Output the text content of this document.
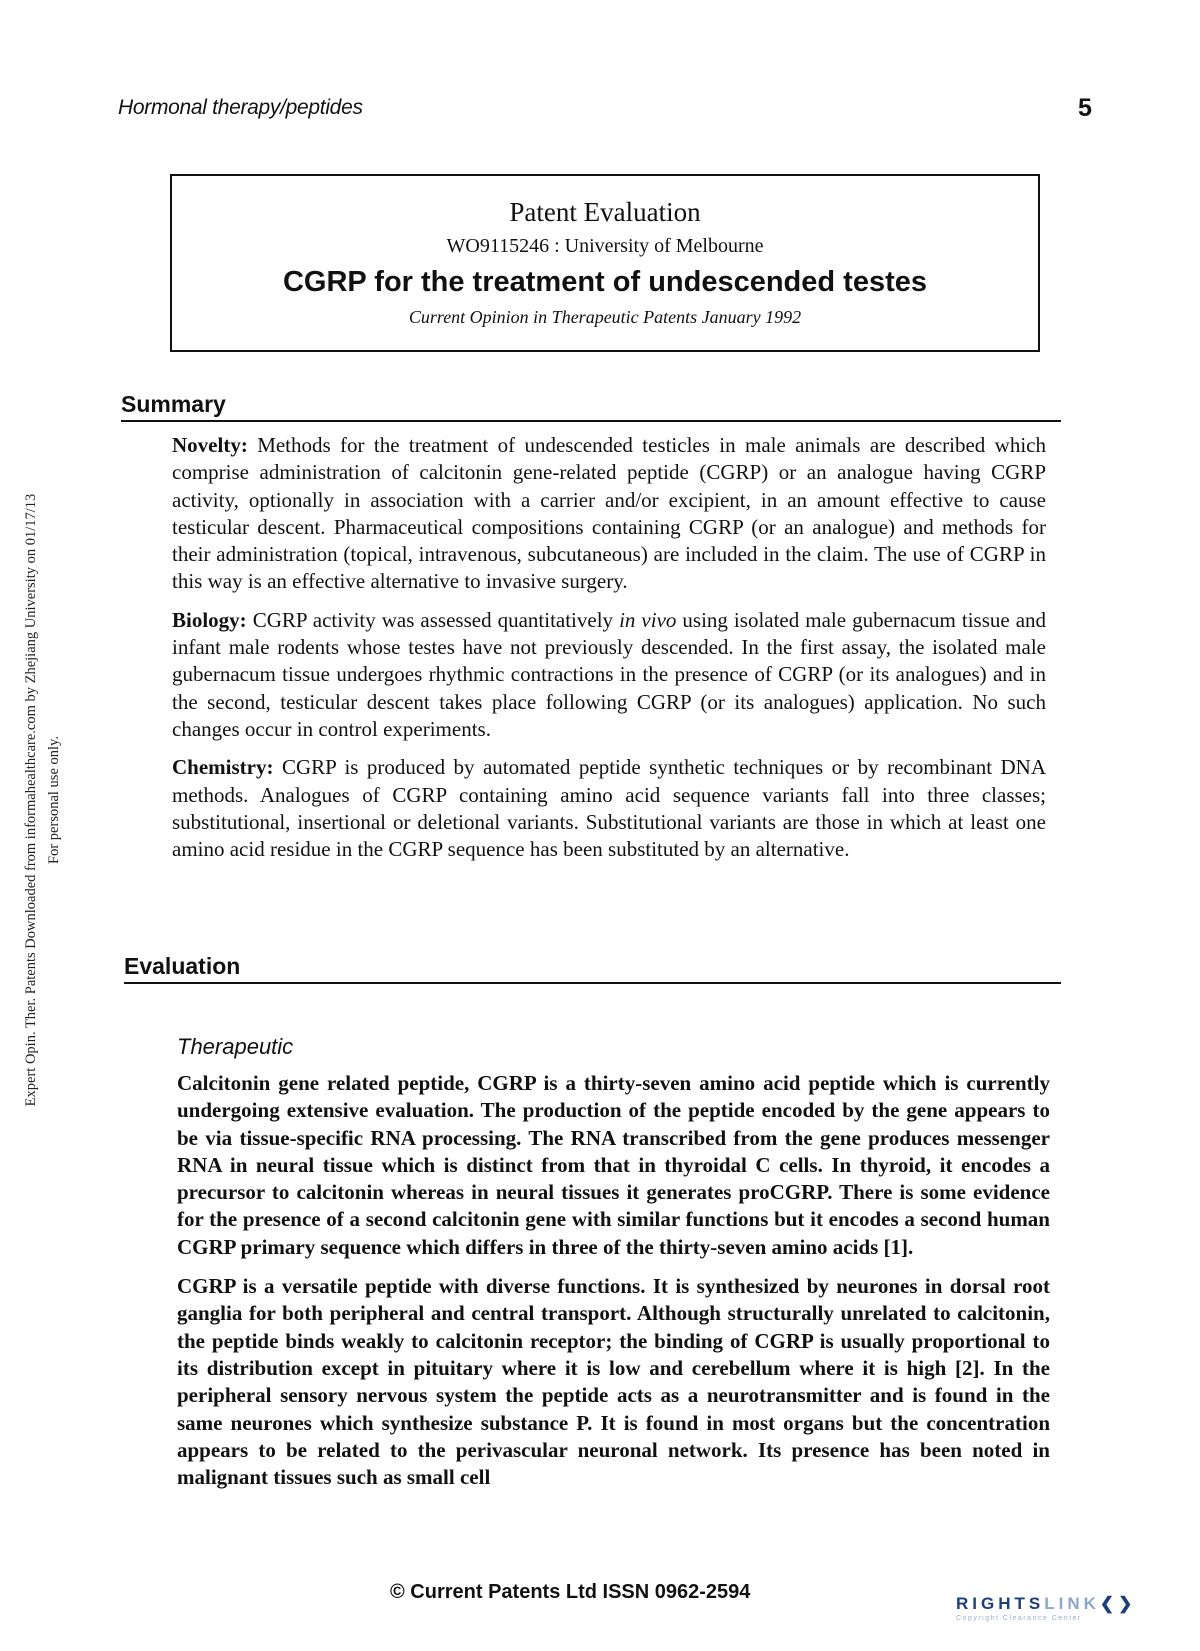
Hormonal therapy/peptides	5
Expert Opin. Ther. Patents Downloaded from informahealthcare.com by Zhejiang University on 01/17/13 For personal use only.
Patent Evaluation
WO9115246 : University of Melbourne
CGRP for the treatment of undescended testes
Current Opinion in Therapeutic Patents January 1992
Summary

Novelty: Methods for the treatment of undescended testicles in male animals are described which comprise administration of calcitonin gene-related peptide (CGRP) or an analogue having CGRP activity, optionally in association with a carrier and/or excipient, in an amount effective to cause testicular descent. Pharmaceutical compositions containing CGRP (or an analogue) and methods for their administration (topical, intravenous, subcutaneous) are included in the claim. The use of CGRP in this way is an effective alternative to invasive surgery.

Biology: CGRP activity was assessed quantitatively in vivo using isolated male gubernacum tissue and infant male rodents whose testes have not previously descended. In the first assay, the isolated male gubernacum tissue undergoes rhythmic contractions in the presence of CGRP (or its analogues) and in the second, testicular descent takes place following CGRP (or its analogues) application. No such changes occur in control experiments.

Chemistry: CGRP is produced by automated peptide synthetic techniques or by recombinant DNA methods. Analogues of CGRP containing amino acid sequence variants fall into three classes; substitutional, insertional or deletional variants. Substitutional variants are those in which at least one amino acid residue in the CGRP sequence has been substituted by an alternative.

Evaluation
Therapeutic

Calcitonin gene related peptide, CGRP is a thirty-seven amino acid peptide which is currently undergoing extensive evaluation. The production of the peptide encoded by the gene appears to be via tissue-specific RNA processing. The RNA transcribed from the gene produces messenger RNA in neural tissue which is distinct from that in thyroidal C cells. In thyroid, it encodes a precursor to calcitonin whereas in neural tissues it generates proCGRP. There is some evidence for the presence of a second calcitonin gene with similar functions but it encodes a second human CGRP primary sequence which differs in three of the thirty-seven amino acids [1].

CGRP is a versatile peptide with diverse functions. It is synthesized by neurones in dorsal root ganglia for both peripheral and central transport. Although structurally unrelated to calcitonin, the peptide binds weakly to calcitonin receptor; the binding of CGRP is usually proportional to its distribution except in pituitary where it is low and cerebellum where it is high [2]. In the peripheral sensory nervous system the peptide acts as a neurotransmitter and is found in the same neurones which synthesize substance P. It is found in most organs but the concentration appears to be related to the perivascular neuronal network. Its presence has been noted in malignant tissues such as small cell

© Current Patents Ltd ISSN 0962-2594
RIGHTSLINK❮❯
Copyright Clearance Center
